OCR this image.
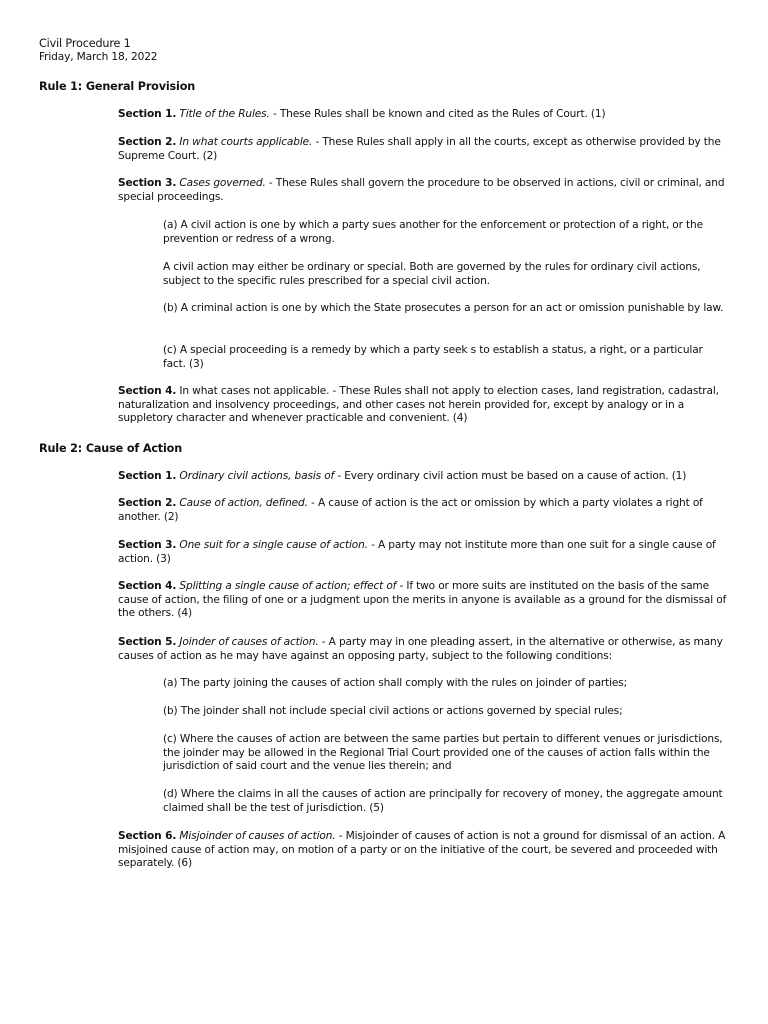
Civil Procedure 1
Friday, March 18, 2022
Rule 1: General Provision
Section 1. Title of the Rules. - These Rules shall be known and cited as the Rules of Court. (1)
Section 2. In what courts applicable. - These Rules shall apply in all the courts, except as otherwise provided by the Supreme Court. (2)
Section 3. Cases governed. - These Rules shall govern the procedure to be observed in actions, civil or criminal, and special proceedings.
(a) A civil action is one by which a party sues another for the enforcement or protection of a right, or the prevention or redress of a wrong.
A civil action may either be ordinary or special. Both are governed by the rules for ordinary civil actions, subject to the specific rules prescribed for a special civil action.
(b) A criminal action is one by which the State prosecutes a person for an act or omission punishable by law.
(c) A special proceeding is a remedy by which a party seek s to establish a status, a right, or a particular fact. (3)
Section 4. In what cases not applicable. - These Rules shall not apply to election cases, land registration, cadastral, naturalization and insolvency proceedings, and other cases not herein provided for, except by analogy or in a suppletory character and whenever practicable and convenient. (4)
Rule 2: Cause of Action
Section 1. Ordinary civil actions, basis of - Every ordinary civil action must be based on a cause of action. (1)
Section 2. Cause of action, defined. - A cause of action is the act or omission by which a party violates a right of another. (2)
Section 3. One suit for a single cause of action. - A party may not institute more than one suit for a single cause of action. (3)
Section 4. Splitting a single cause of action; effect of - If two or more suits are instituted on the basis of the same cause of action, the filing of one or a judgment upon the merits in anyone is available as a ground for the dismissal of the others. (4)
Section 5. Joinder of causes of action. - A party may in one pleading assert, in the alternative or otherwise, as many causes of action as he may have against an opposing party, subject to the following conditions:
(a) The party joining the causes of action shall comply with the rules on joinder of parties;
(b) The joinder shall not include special civil actions or actions governed by special rules;
(c) Where the causes of action are between the same parties but pertain to different venues or jurisdictions, the joinder may be allowed in the Regional Trial Court provided one of the causes of action falls within the jurisdiction of said court and the venue lies therein; and
(d) Where the claims in all the causes of action are principally for recovery of money, the aggregate amount claimed shall be the test of jurisdiction. (5)
Section 6. Misjoinder of causes of action. - Misjoinder of causes of action is not a ground for dismissal of an action. A misjoined cause of action may, on motion of a party or on the initiative of the court, be severed and proceeded with separately. (6)
